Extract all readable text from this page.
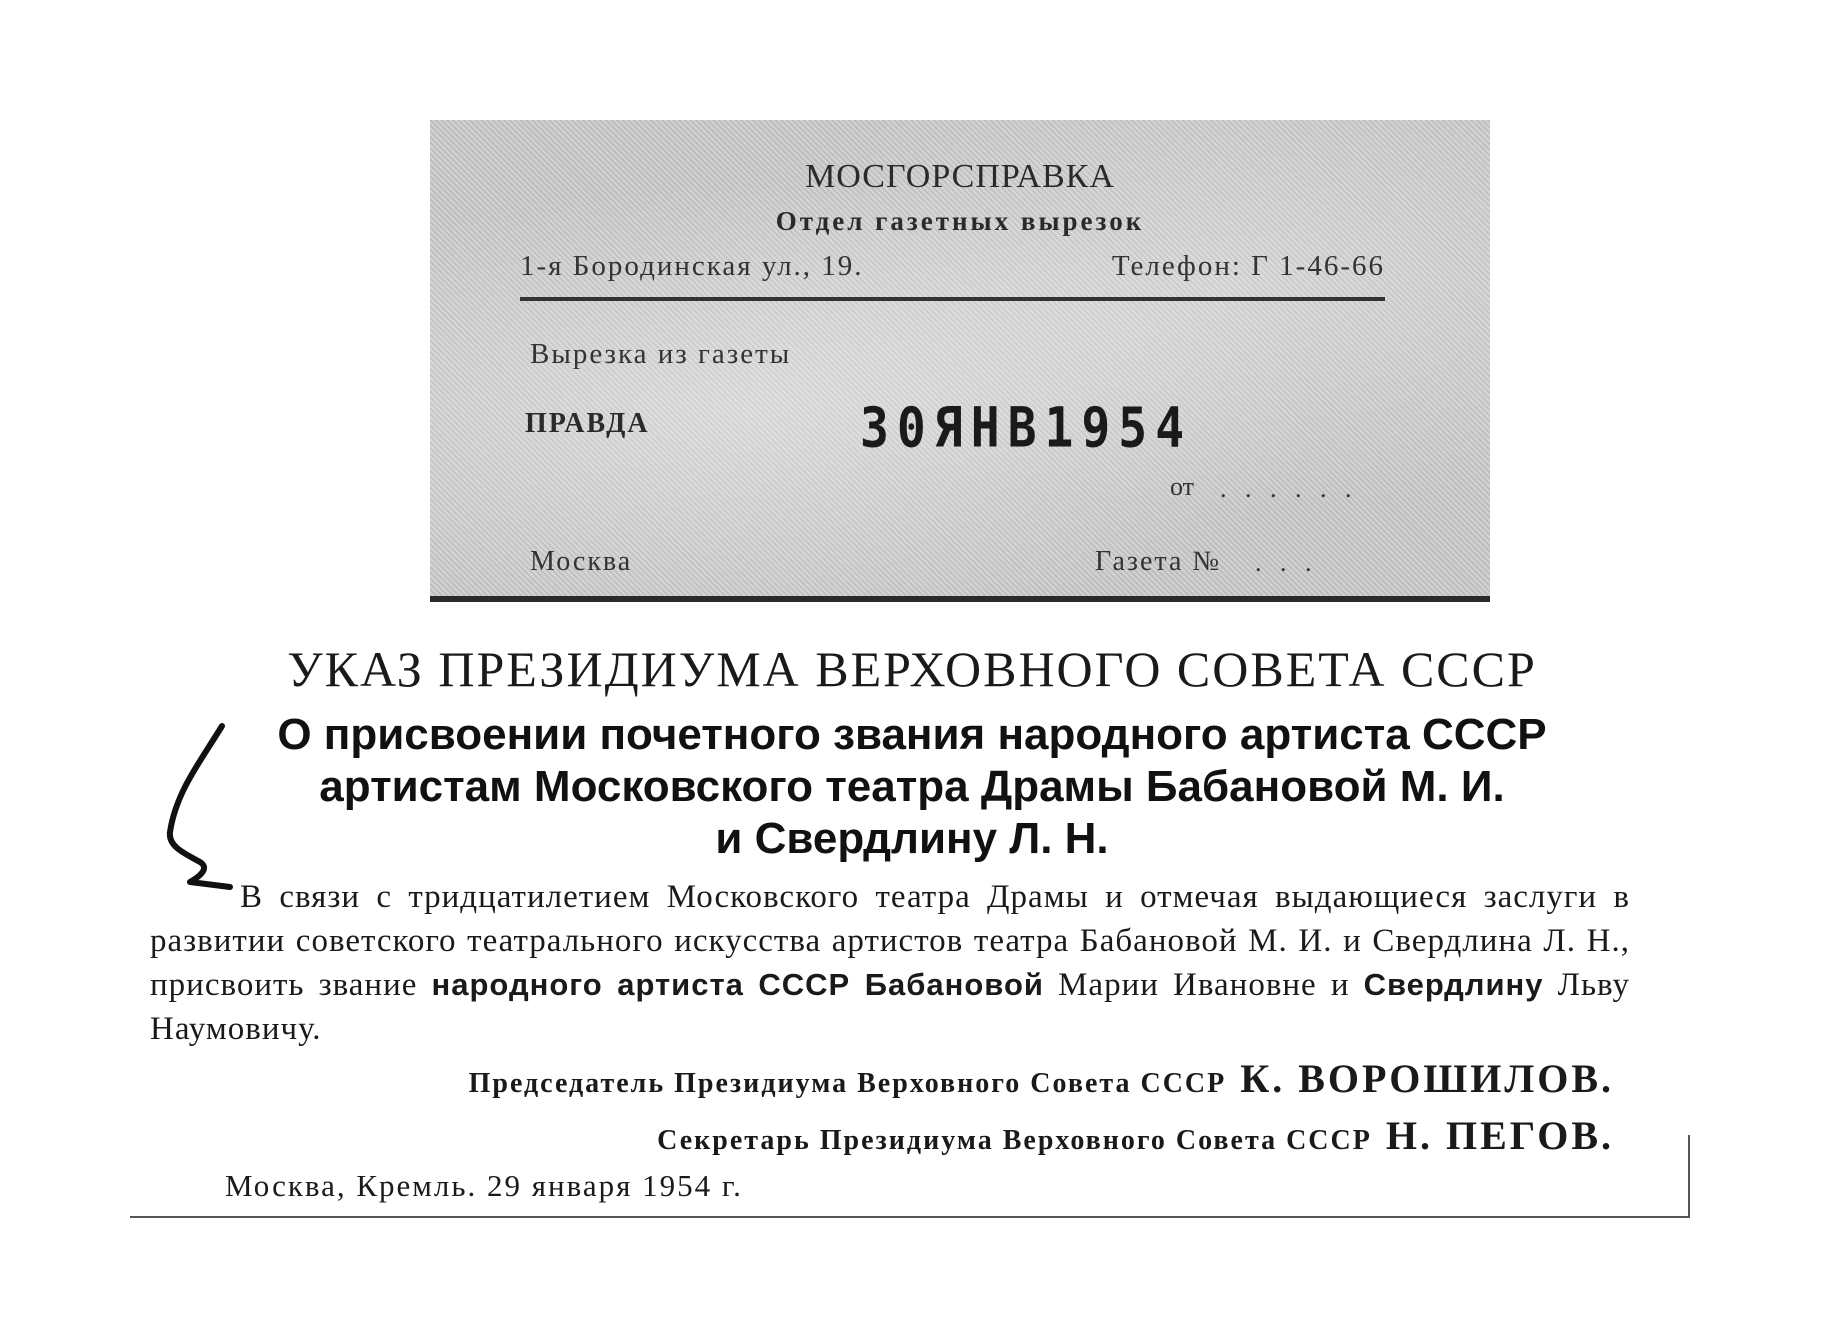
МОСГОРСПРАВКА
Отдел газетных вырезок
1-я Бородинская ул., 19.	Телефон: Г 1-46-66
Вырезка из газеты
ПРАВДА	30ЯНВ1954
от . . . . . .
Москва	Газета № . . .
УКАЗ ПРЕЗИДИУМА ВЕРХОВНОГО СОВЕТА СССР
О присвоении почетного звания народного артиста СССР
артистам Московского театра Драмы Бабановой М. И.
и Свердлину Л. Н.
В связи с тридцатилетием Московского театра Драмы и отмечая выдающиеся заслуги в развитии советского театрального искусства артистов театра Бабановой М. И. и Свердлина Л. Н., присвоить звание народного артиста СССР Бабановой Марии Ивановне и Свердлину Льву Наумовичу.
Председатель Президиума Верховного Совета СССР К. ВОРОШИЛОВ.
Секретарь Президиума Верховного Совета СССР Н. ПЕГОВ.
Москва, Кремль. 29 января 1954 г.
